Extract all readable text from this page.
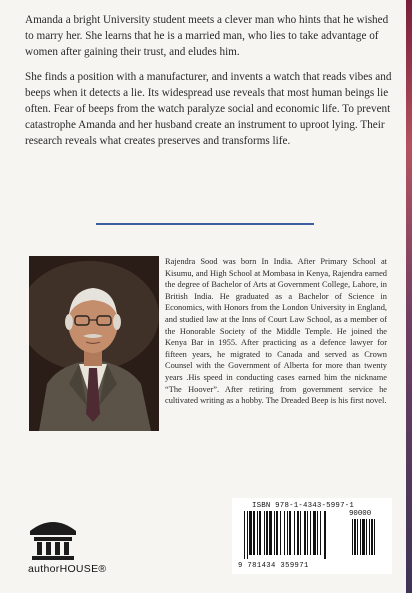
Amanda a bright University student meets a clever man who hints that he wished to marry her. She learns that he is a married man, who lies to take advantage of women after gaining their trust, and eludes him.

She finds a position with a manufacturer, and invents a watch that reads vibes and beeps when it detects a lie. Its widespread use reveals that most human beings lie often. Fear of beeps from the watch paralyze social and economic life. To prevent catastrophe Amanda and her husband create an instrument to uproot lying. Their research reveals what creates preserves and transforms life.

Rajendra Sood was born In India. After Primary School at Kisumu, and High School at Mombasa in Kenya, Rajendra earned the degree of Bachelor of Arts at Government College, Lahore, in British India. He graduated as a Bachelor of Science in Economics, with Honors from the London University in England, and studied law at the Inns of Court Law School, as a member of the Honorable Society of the Middle Temple. He joined the Kenya Bar in 1955. After practicing as a defence lawyer for fifteen years, he migrated to Canada and served as Crown Counsel with the Government of Alberta for more than twenty years .His speed in conducting cases earned him the nickname “The Hoover”. After retiring from government service he cultivated writing as a hobby. The Dreaded Beep is his first novel.
authorHOUSE®
ISBN 978-1-4343-5997-1
90000
9 781434 359971
